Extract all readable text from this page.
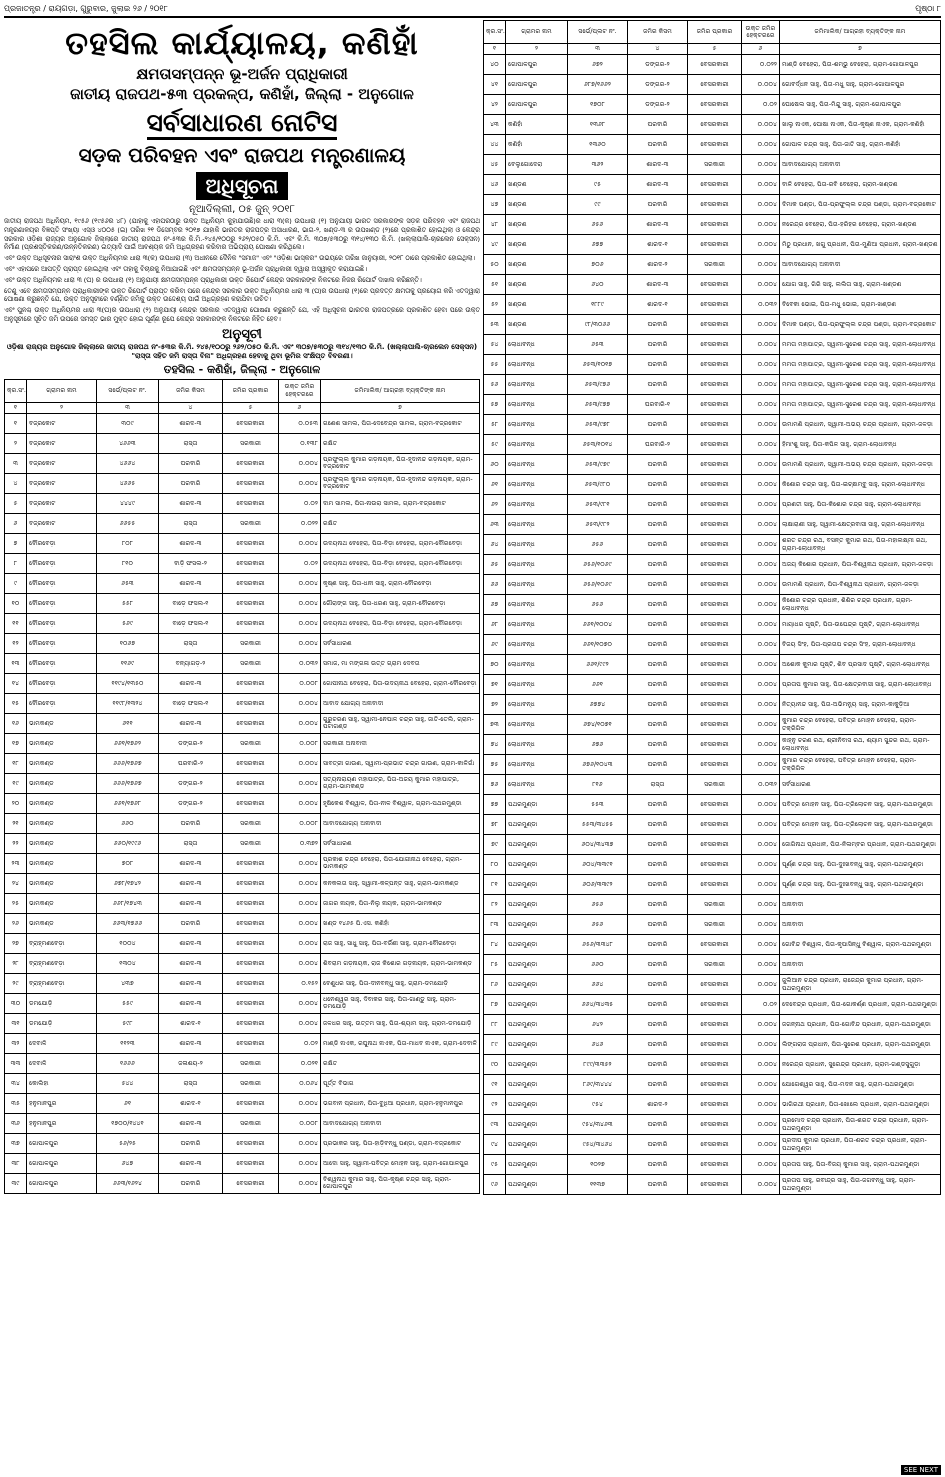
ପ୍ରଜାତନ୍ତ୍ର / ରାୟଗଡ଼ା, ଗୁରୁବାର, ଜୁଲାଇ ୨୬ / ୨୦୧୮	ପୃଷ୍ଠା ୮
ତହସିଲ କାର୍ଯ୍ୟାଳୟ, କଣିହାଁ
କ୍ଷମତାସମ୍ପନ୍ନ ଭୂ-ଅର୍ଜନ ପ୍ରାଧିକାରୀ
ଜାତୀୟ ରାଜପଥ-୫୩ ପ୍ରକଳ୍ପ, କଣିହାଁ, ଜିଲ୍ଲା - ଅନୁଗୋଳ
ସର୍ବସାଧାରଣ ନୋଟିସ
ସଡ଼କ ପରିବହନ ଏବଂ ରାଜପଥ ମନ୍ତ୍ରଣାଳୟ
ଅଧିସୂଚନା
ନୂଆଦିଲ୍ଲୀ, ୦୫ ଜୁନ୍ ୨୦୧୮

ଜାତୀୟ ରାଜପଥ ଅଧିନିୟମ, ୧୯୫୬ (୧୯୫୬ର ୪୮) (ଯାହାକୁ ଏହାପରଠାରୁ ଉକ୍ତ ଅଧିନିୟମ କୁହାଯାଉଛି)ର ଧାରା ୩(କ) ଉପଧାରା (୧) ଅନୁଯାୟୀ ଭାରତ ସରକାରଙ୍କ ସଡ଼କ ପରିବହନ ଏବଂ ରାଜପଥ ମନ୍ତ୍ରଣାଳୟର ବିଜ୍ଞପ୍ତି ସଂଖ୍ୟା ଏସ୍‌ଓ ୪୦୦୫ (ଇ) ତାରିଖ ୨୧ ଡିସେମ୍ବର ୨୦୧୭ ଯାହାକି ଭାରତର ରାଜପତ୍ର ଅସାଧାରଣ, ଭାଗ-୨, ଖଣ୍ଡ-୩ ର ଉପଖଣ୍ଡ (୨)ରେ ପ୍ରକାଶିତ ହୋଇଥିଲା ଓ କେନ୍ଦ୍ର ସରକାର ଓଡ଼ିଶା ରାଜ୍ୟର ଅନୁଗୋଳ ଜିଲ୍ଲାରେ ଜାତୀୟ ରାଜପଥ ନଂ-୫୩ର କି.ମି.-୨୪୫/୧୦୦ରୁ ୨୬୨/୦୫୦ କି.ମି. ଏବଂ କି.ମି. ୩୦୭/୫୩୦ରୁ ୩୧୪/୧୩୦ କି.ମି. (ଖଲ୍ଲାପାଲି-ଚାରଲେନ ସେକ୍ସନ) ନିର୍ମାଣ (ପ୍ରଶସ୍ତିକରଣ/ଉନ୍ନତିକରଣ) ଇତ୍ୟାଦି ପାଇଁ ଆବଶ୍ୟକ ଜମି ଅଧିଗ୍ରହଣ କରିବାର ଅଭିପ୍ରାୟ ଘୋଷଣା କରିଥିଲେ।

ଏବଂ ଉକ୍ତ ଅଧିସୂଚନାର ସାରାଂଶ ଉକ୍ତ ଅଧିନିୟମର ଧାରା ୩(କ) ଉପଧାରା (୩) ଅଧୀନରେ ଦୈନିକ "ସମାଜ" ଏବଂ "ଓଡ଼ିଶା ଭାସ୍କର" ଉଭୟରେ ତାରିଖ ଜାନୁୟାରୀ, ୨୦୧୮ ଠାରେ ପ୍ରକାଶିତ ହୋଇଥିଲା।

ଏବଂ ଏହାପରେ ଆପତ୍ତି ପ୍ରାପ୍ତ ହୋଇଥିଲା ଏବଂ ତାହାକୁ ବିଚାରକୁ ନିଆଯାଇଛି ଏବଂ କ୍ଷମତାସମ୍ପନ୍ନ ଭୂ-ଅର୍ଜନ ପ୍ରାଧିକାରୀ ଦ୍ୱାରା ଅସ୍ୱୀକୃତ କରାଯାଇଛି।

ଏବଂ ଉକ୍ତ ଅଧିନିୟମର ଧାରା ୩ (ଘ) ର ଉପଧାରା (୧) ଅନୁଯାୟୀ କ୍ଷମତାସମ୍ପନ୍ନ ପ୍ରାଧିକାରୀ ଉକ୍ତ ରିପୋର୍ଟ କେନ୍ଦ୍ର ସରକାରଙ୍କ ନିକଟରେ ନିଜର ରିପୋର୍ଟ ଦାଖଲ କରିଛନ୍ତି।

ତେଣୁ ଏବେ କ୍ଷମତାସମ୍ପନ୍ନ ପ୍ରାଧିକାରୀଙ୍କ ଉକ୍ତ ରିପୋର୍ଟ ପ୍ରାପ୍ତ କରିବା ପରେ କେନ୍ଦ୍ର ସରକାର ଉକ୍ତ ଅଧିନିୟମର ଧାରା ୩ (ଘ)ର ଉପଧାରା (୧)ରେ ପ୍ରଦତ୍ତ କ୍ଷମତାକୁ ପ୍ରୟୋଗ କରି ଏତଦ୍ୱାରା ଘୋଷଣା କରୁଛନ୍ତି ଯେ, ଉକ୍ତ ଅନୁସୂଚୀରେ ବର୍ଣ୍ଣିତ ଜମିକୁ ଉକ୍ତ ଉଦ୍ଦେଶ୍ୟ ପାଇଁ ଅଧିଗ୍ରହଣ କରାଯିବା ଉଚିତ।

ଏବଂ ପୁନଶ୍ଚ ଉକ୍ତ ଅଧିନିୟମର ଧାରା ୩(ଘ)ର ଉପଧାରା (୨) ଅନୁଯାୟୀ କେନ୍ଦ୍ର ସରକାର ଏତଦ୍ୱାରା ଘୋଷଣା କରୁଛନ୍ତି ଯେ, ଏହି ଅଧିସୂଚନା ଭାରତର ରାଜପତ୍ରରେ ପ୍ରକାଶିତ ହେବା ପରେ ଉକ୍ତ ଅନୁସୂଚୀରେ ସୂଚିତ ଜମି ଉପରେ ସମସ୍ତ ଭାର ମୁକ୍ତ ହୋଇ ପୂର୍ଣ୍ଣ ରୂପେ କେନ୍ଦ୍ର ସରକାରଙ୍କ ନିକଟରେ ନିହିତ ହେବ।

ଅନୁସୂଚୀ
ଓଡ଼ିଶା ରାଜ୍ୟର ଅନୁଗୋଳ ଜିଲ୍ଲାରେ ଜାତୀୟ ରାଜପଥ ନଂ-୫୩ର କି.ମି. ୨୪୫/୧୦୦ରୁ ୨୬୨/୦୫୦ କି.ମି. ଏବଂ ୩୦୭/୫୩୦ରୁ ୩୧୪/୧୩୦ କି.ମି. (ଖଲ୍ଲାପାଲି-ଚାରଲେନ ସେକ୍ସନ) "ରାସ୍ତା ସହିତ ଜମି ରାସ୍ତା ବିନା" ଅଧିଗ୍ରହଣ ହେବାକୁ ଥିବା ଭୂମିର ସଂକ୍ଷିପ୍ତ ବିବରଣୀ।
ତହସିଲ - କଣିହାଁ, ଜିଲ୍ଲା - ଅନୁଗୋଳ
କ୍ର.ସଂ.	ଗ୍ରାମର ନାମ	ସର୍ଭେ/ପ୍ଲଟ ନଂ.	ଜମିର କିସମ	ଜମିର ପ୍ରକାର	ଉକ୍ତ ଜମିର ହେକ୍ଟରରେ	ଜମିମାଲିକ/ ଆଗ୍ରହୀ ବ୍ୟକ୍ତିଙ୍କ ନାମ
୧	୨	୩	୪	୫	୬	୭
୧	ବଜ୍ରକୋଟ	୩୦୯	ଶାରଦ-୩	ବେସରକାରୀ	୦.୦୫୩	ଗଣେଶ ସାମଲ, ପିତା-ଦେବେନ୍ଦ୍ର ସାମଲ, ଗ୍ରାମ-ବଜ୍ରକୋଟ
୨	ବଜ୍ରକୋଟ	୪୬୬୩	ରାସ୍ତା	ସରକାରୀ	୦.୧୩୮	ରକ୍ଷିତ
୩	ବଜ୍ରକୋଟ	୪୬୬୪	ଘରବାରି	ବେସରକାରୀ	୦.୦୦୪	ପ୍ରଫୁଲ୍ଲ କୁମାର ଗଡ଼ନାୟକ, ପିତା-ହୃଦାନନ୍ଦ ଗଡ଼ନାୟକ, ଗ୍ରାମ-ବଜ୍ରକୋଟ
୪	ବଜ୍ରକୋଟ	୪୬୬୫	ଘରବାରି	ବେସରକାରୀ	୦.୦୦୪	ପ୍ରଫୁଲ୍ଲ କୁମାର ଗଡ଼ନାୟକ, ପିତା-ହୃଦାନନ୍ଦ ଗଡ଼ନାୟକ, ଗ୍ରାମ-ବଜ୍ରକୋଟ
୫	ବଜ୍ରକୋଟ	୪୪୪୯	ଶାରଦ-୩	ବେସରକାରୀ	୦.୦୨	ଦାମ ସାମଲ, ପିତା-ନାଉରା ସାମଲ, ଗ୍ରାମ-ବଜ୍ରକୋଟ
୬	ବଜ୍ରକୋଟ	୬୬୫୫	ରାସ୍ତା	ସରକାରୀ	୦.୦୨୨	ରକ୍ଷିତ
୭	ବୌରବେଡ଼ା	୮୦୮	ଶାରଦ-୩	ବେସରକାରୀ	୦.୦୦୪	ଉଦୟନାଥ ବେହେରା, ପିତା-ବିଡ଼ା ବେହେରା, ଗ୍ରାମ-ବୌରବେଡ଼ା
୮	ବୌରବେଡ଼ା	୮୧୦	ବାଡ଼ି ଫସଲ-୨	ବେସରକାରୀ	୦.୦୨	ଉଦୟନାଥ ବେହେରା, ପିତା-ବିଡ଼ା ବେହେରା, ଗ୍ରାମ-ବୌରବେଡ଼ା
୯	ବୌରବେଡ଼ା	୬୫୩	ଶାରଦ-୩	ବେସରକାରୀ	୦.୦୦୪	କୃଷ୍ଣ ସାହୁ, ପିତା-ଧନୀ ସାହୁ, ଗ୍ରାମ-ବୌରବେଡ଼ା
୧୦	ବୌରବେଡ଼ା	୫୫୮	ବାଡ଼େ ଫସଲ-୧	ବେସରକାରୀ	୦.୦୦୪	ଗୌରାଙ୍ଗ ସାହୁ, ପିତା-ଧରଣ ସାହୁ, ଗ୍ରାମ-ବୌରବେଡ଼ା
୧୧	ବୌରବେଡ଼ା	୫୬୯	ବାଡ଼େ ଫସଲ-୧	ବେସରକାରୀ	୦.୦୦୪	ଉଦୟନାଥ ବେହେରା, ପିତା-ବିଡ଼ା ବେହେରା, ଗ୍ରାମ-ବୌରବେଡ଼ା
୧୨	ବୌରବେଡ଼ା	୧୦୬୭	ରାସ୍ତା	ସରକାରୀ	୦.୦୦୪	ସର୍ବସାଧାରଣ
୧୩	ବୌରବେଡ଼ା	୧୧୬୯	ବନ୍ୟାଗଡ଼-୨	ସରକାରୀ	୦.୦୩୨	ସମାଜ, ମା ମଙ୍ଗଳା ଉତ୍ତ ଗ୍ରାମ ଦେବତା
୧୪	ବୌରବେଡ଼ା	୧୧୯୪/୧୩୫୦	ଶାରଦ-୩	ବେସରକାରୀ	୦.୦୦୮	ଗୋପୀନାଥ ବେହେରା, ପିତା-ଉଦୟନାଥ ବେହେରା, ଗ୍ରାମ-ବୌରବେଡ଼ା
୧୫	ବୌରବେଡ଼ା	୧୧୯୮/୧୩୨୪	ବାଡ଼େ ଫସଲ-୧	ବେସରକାରୀ	୦.୦୦୪	ଆବାଦ ଯୋଗ୍ୟ ଅନାବାଦୀ
୧୬	ଭାମକଣ୍ଡ	୬୧୧	ଶାରଦ-୩	ବେସରକାରୀ	୦.୦୦୪	ଗୁରୁଚରଣ ସାହୁ, ସ୍ୱାମୀ-ନେପାଳ ଚନ୍ଦ୍ର ସାହୁ, ଜାତି-ତେଲି, ଗ୍ରାମ-ପଟାଗଣ୍ଡ
୧୭	ଭାମକଣ୍ଡ	୬୬୧/୧୭୬୨	ଡଙ୍ଗର-୨	ସରକାରୀ	୦.୦୦୮	ସରକାରୀ ଅନାବାଦୀ
୧୮	ଭାମକଣ୍ଡ	୬୬୬/୧୭୬୭	ଘରବାରି-୨	ବେସରକାରୀ	୦.୦୦୪	ସାବତ୍ରୀ ଗାଉଣ, ସ୍ୱାମୀ-ପ୍ରଭାତ ଚନ୍ଦ୍ର ଗାଉଣ, ଗ୍ରାମ-କାଳିଗାଁ
୧୯	ଭାମକଣ୍ଡ	୬୬୬/୧୭୬୭	ଡଙ୍ଗର-୨	ବେସରକାରୀ	୦.୦୦୪	ସତ୍ୟନାରାୟଣ ମହାପାତ୍ର, ପିତା-ଅଜୟ କୁମାର ମହାପାତ୍ର, ଗ୍ରାମ-ଭାମକଣ୍ଡ
୨୦	ଭାମକଣ୍ଡ	୬୬୧/୧୭୬୮	ଡଙ୍ଗର-୨	ବେସରକାରୀ	୦.୦୦୪	ହୃଷିକେଶ ବିଶ୍ୱାଳ, ପିତା-ନୀଳ ବିଶ୍ୱାଳ, ଗ୍ରାମ-ପଥରମୁଣ୍ଡା
୨୧	ଭାମକଣ୍ଡ	୬୬୦	ଘରବାରି	ସରକାରୀ	୦.୦୦୮	ଆବାଦଯୋଗ୍ୟ ଅନାବାଦୀ
୨୨	ଭାମକଣ୍ଡ	୬୬୦/୧୯୯୬	ରାସ୍ତା	ସରକାରୀ	୦.୩୭୨	ସର୍ବସାଧାରଣ
୨୩	ଭାମକଣ୍ଡ	୭୦୮	ଶାରଦ-୩	ବେସରକାରୀ	୦.୦୦୪	ପ୍ରକାଶ ଚନ୍ଦ୍ର ବେହେରା, ପିତା-ଯୋଗୀନାଥ ବେହେରା, ଗ୍ରାମ-ଭାମକଣ୍ଡ
୨୪	ଭାମକଣ୍ଡ	୬୭୮/୧୭୪୨	ଶାରଦ-୩	ବେସରକାରୀ	୦.୦୦୪	କନକଲତା ସାହୁ, ସ୍ୱାମୀ-କଳ୍ପନ୍ତ ସାହୁ, ଗ୍ରାମ-ଭାମକଣ୍ଡ
୨୫	ଭାମକଣ୍ଡ	୬୬୮/୧୭୪୩	ଶାରଦ-୩	ବେସରକାରୀ	୦.୦୦୪	ଜାଗର ନାୟକ, ପିତା-ନିଲୁ ନାୟକ, ଗ୍ରାମ-ଭାମକଣ୍ଡ
୨୬	ଭାମକଣ୍ଡ	୬୬୩/୧୭୬୬	ଘରବାରି	ବେସରକାରୀ	୦.୦୦୪	ଖଣ୍ଡ ୧୪୬୫ ପି.ଏସ. କଣିହାଁ
୨୭	ବ୍ରାହ୍ମଣବେଡ଼ା	୧୦୦୪	ଶାରଦ-୩	ବେସରକାରୀ	୦.୦୦୪	ରାଜ ସାହୁ, ସାଧୁ ସାହୁ, ପିତା-ବର୍ଜିଣୀ ସାହୁ, ଗ୍ରାମ-ବୌରବେଡ଼ା
୨୮	ବ୍ରାହ୍ମଣବେଡ଼ା	୧୩୦୪	ଶାରଦ-୩	ବେସରକାରୀ	୦.୦୦୪	ଶିବରାମ ଗଡ଼ନାୟକ, ରାଜ କିଶୋର ଗଡ଼ନାୟକ, ଗ୍ରାମ-ଭାମକଣ୍ଡ
୨୯	ବ୍ରାହ୍ମଣବେଡ଼ା	୪୩୭	ଶାରଦ-୩	ବେସରକାରୀ	୦.୧୫୨	ବେଣୁଧର ସାହୁ, ପିତା-ଦୀନବନ୍ଧୁ ସାହୁ, ଗ୍ରାମ-ଡମଯୋଡ଼ି
୩୦	ଡମଯୋଡ଼ି	୫୫୯	ଶାରଦ-୩	ବେସରକାରୀ	୦.୦୦୪	ଧନେଶ୍ୱର ସାହୁ, ଦିବାକର ସାହୁ, ପିତା-ଗାଣ୍ଡୁ ସାହୁ, ଗ୍ରାମ-ଡମଯୋଡ଼ି
୩୧	ଡମଯୋଡ଼ି	୫୯୮	ଶାରଦ-୧	ବେସରକାରୀ	୦.୦୦୪	ଜଳଧର ସାହୁ, ଉତ୍ତମ ସାହୁ, ପିତା-ଶ୍ୟାମ ସାହୁ, ଗ୍ରାମ-ଡମଯୋଡ଼ି
୩୨	ଦେବାଳି	୧୧୨୩	ଶାରଦ-୩	ବେସରକାରୀ	୦.୦୨	ମାଣ୍ଡି ନାଏକ, ରଘୁନାଥ ନାଏକ, ପିତା-ମାଧବ ନାଏକ, ଗ୍ରାମ-ଦେବାଳି
୩୩	ଦେବାଳି	୧୬୬୬	ଜଳାଶୟ-୨	ସରକାରୀ	୦.୦୨୧	ରକ୍ଷିତ
୩୪	କୋଲିହା	୫୪୪	ରାସ୍ତା	ସରକାରୀ	୦.୦୬୪	ପୂର୍ତ୍ତ ବିଭାଗ
୩୫	ହନୁମାନପୁର	୬୧	ଶାରଦ-୧	ବେସରକାରୀ	୦.୦୦୪	ଭଗବାନ ପ୍ରଧାନ, ପିତା-ବୁଧିଆ ପ୍ରଧାନ, ଗ୍ରାମ-ହନୁମାନପୁର
୩୬	ହନୁମାନପୁର	୧୭୦୦/୧୪୪୧	ଶାରଦ-୩	ସରକାରୀ	୦.୦୦୮	ଆବାଦଯୋଗ୍ୟ ଅନାବାଦୀ
୩୭	ଗୋପାଳପୁର	୫୬/୨୫	ଘରବାରି	ବେସରକାରୀ	୦.୦୦୪	ପ୍ରଭାକର ସାହୁ, ପିତା-ହାଡ଼ିବନ୍ଧୁ ପଣ୍ଡା, ଗ୍ରାମ-ବଜ୍ରକୋଟ
୩୮	ଗୋପାଳପୁର	୬୪୭	ଶାରଦ-୩	ବେସରକାରୀ	୦.୦୦୪	ଆଦୋ ସାହୁ, ସ୍ୱାମୀ-ପବିତ୍ର ମୋହନ ସାହୁ, ଗ୍ରାମ-ଗୋପାଳପୁର
୩୯	ଗୋପାଳପୁର	୬୬୩/୧୬୨୪	ଘରବାରି	ବେସରକାରୀ	୦.୦୦୪	ବିଶ୍ୱନାଥ କୁମାର ସାହୁ, ପିତା-କୃଷ୍ଣ ଚନ୍ଦ୍ର ସାହୁ, ଗ୍ରାମ-ଗୋପାଳପୁର
କ୍ର.ସଂ.	ଗ୍ରାମର ନାମ	ସର୍ଭେ/ପ୍ଲଟ ନଂ.	ଜମିର କିସମ	ଜମିର ପ୍ରକାର	ଉକ୍ତ ଜମିର ହେକ୍ଟରରେ	ଜମିମାଲିକ/ ଆଗ୍ରହୀ ବ୍ୟକ୍ତିଙ୍କ ନାମ
୧	୨	୩	୪	୫	୬	୭
୪୦	ଗୋପାଳପୁର	୬୭୨	ଡଙ୍ଗର-୨	ବେସରକାରୀ	୦.୦୨୨	ମାଣ୍ଡି ବେହେରା, ପିତା-ଶମ୍ଭୁ ବେହେରା, ଗ୍ରାମ-ଗୋପାଳପୁର
୪୧	ଗୋପାଳପୁର	୬୮୭/୧୬୬୨	ଡଙ୍ଗର-୨	ବେସରକାରୀ	୦.୦୦୪	ଗୋବର୍ଦ୍ଧନ ସାହୁ, ପିତା-ମଧୁ ସାହୁ, ଗ୍ରାମ-ଗୋପାଳପୁର
୪୨	ଗୋପାଳପୁର	୧୭୦୮	ଡଙ୍ଗର-୨	ବେସରକାରୀ	୦.୦୨	ଘୋଷେଲ ସାହୁ, ପିତା-ମିନ୍ଦୁ ସାହୁ, ଗ୍ରାମ-ଗୋପାଳପୁର
୪୩	କଣିହାଁ	୧୩୬୮	ଘରବାରି	ବେସରକାରୀ	୦.୦୦୪	ଖାଲୁ ନାଏକ, ଘୋଷା ନାଏକ, ପିତା-କୃଷ୍ଣ ନାଏକ, ଗ୍ରାମ-କଣିହାଁ
୪୪	କଣିହାଁ	୧୩୬୦	ଘରବାରି	ବେସରକାରୀ	୦.୦୦୪	ଗୋପାଳ ଚନ୍ଦ୍ର ସାହୁ, ପିତା-ଜାତି ସାହୁ, ଗ୍ରାମ-କଣିହାଁ
୪୫	ବେଲୁଗୋଦେରା	୩୬୨	ଶାରଦ-୩	ସରକାରୀ	୦.୦୦୪	ଆବାଦଯୋଗ୍ୟ ଅନାବାଦୀ
୪୬	ଖଣ୍ଡଣ	୯୫	ଶାରଦ-୩	ବେସରକାରୀ	୦.୦୦୪	ବାଳି ବେହେରା, ପିତା-ରବି ବେହେରା, ଗ୍ରାମ-ଖଣ୍ଡଣ
୪୭	ଖଣ୍ଡଣ	୯୯	ଘରବାରି	ବେସରକାରୀ	୦.୦୦୪	ଦିମାକ ପଣ୍ଡା, ପିତା-ପ୍ରଫୁଲ୍ଲ ଚନ୍ଦ୍ର ପଣ୍ଡା, ଗ୍ରାମ-ବଜ୍ରକୋଟ
୪୮	ଖଣ୍ଡଣ	୬୫୬	ଶାରଦ-୩	ବେସରକାରୀ	୦.୦୦୪	ନରେନ୍ଦ୍ର ବେହେରା, ପିତା-ହରିହର ବେହେରା, ଗ୍ରାମ-ଖଣ୍ଡଣ
୪୯	ଖଣ୍ଡଣ	୬୭୭	ଶାରଦ-୧	ବେସରକାରୀ	୦.୦୦୪	ମିଠୁ ପ୍ରଧାନ, ଖଗୁ ପ୍ରଧାନ, ପିତା-ମୁଣିଆ ପ୍ରଧାନ, ଗ୍ରାମ-ଖଣ୍ଡଣ
୫୦	ଖଣ୍ଡଣ	୭୦୬	ଶାରଦ-୨	ସରକାରୀ	୦.୦୦୪	ଆବାଦଯୋଗ୍ୟ ଅନାବାଦୀ
୫୧	ଖଣ୍ଡଣ	୬୪୦	ଶାରଦ-୩	ବେସରକାରୀ	୦.୦୦୪	ଯୋଗ ସାହୁ, ଗିରି ସାହୁ, ଲଲିତା ସାହୁ, ଗ୍ରାମ-ଖଣ୍ଡଣ
୫୨	ଖଣ୍ଡଣ	୧୮୮୯	ଶାରଦ-୧	ବେସରକାରୀ	୦.୦୩୨	ବିବେକା ଭୋଇ, ପିତା-ମଧୁ ଭୋଇ, ଗ୍ରାମ-ଖଣ୍ଡଣ
୫୩	ଖଣ୍ଡଣ	୯୮/୩୦୬୬	ଘରବାରି	ବେସରକାରୀ	୦.୦୦୪	ଦିମାକ ପଣ୍ଡା, ପିତା-ପ୍ରଫୁଲ୍ଲ ଚନ୍ଦ୍ର ପଣ୍ଡା, ଗ୍ରାମ-ବଜ୍ରକୋଟ
୫୪	ଲୋଧାବନ୍ଧ	୬୫୩	ଘରବାରି	ବେସରକାରୀ	୦.୦୦୪	ମମତା ମହାପାତ୍ର, ସ୍ୱାମୀ-ସୁରେଶ ଚନ୍ଦ୍ର ସାହୁ, ଗ୍ରାମ-ଲୋଧାବନ୍ଧ
୫୫	ଲୋଧାବନ୍ଧ	୬୫୩/୧୦୧୭	ଘରବାରି	ବେସରକାରୀ	୦.୦୦୪	ମମତା ମହାପାତ୍ର, ସ୍ୱାମୀ-ସୁରେଶ ଚନ୍ଦ୍ର ସାହୁ, ଗ୍ରାମ-ଲୋଧାବନ୍ଧ
୫୬	ଲୋଧାବନ୍ଧ	୬୫୩/୯୭୬	ଘରବାରି	ବେସରକାରୀ	୦.୦୦୪	ମମତା ମହାପାତ୍ର, ସ୍ୱାମୀ-ସୁରେଶ ଚନ୍ଦ୍ର ସାହୁ, ଗ୍ରାମ-ଲୋଧାବନ୍ଧ
୫୭	ଲୋଧାବନ୍ଧ	୬୫୩/୯୭୭	ଘରବାରି-୧	ବେସରକାରୀ	୦.୦୦୪	ମମତା ମହାପାତ୍ର, ସ୍ୱାମୀ-ସୁରେଶ ଚନ୍ଦ୍ର ସାହୁ, ଗ୍ରାମ-ଲୋଧାବନ୍ଧ
୫୮	ଲୋଧାବନ୍ଧ	୬୫୩/୯୭୮	ଘରବାରି	ବେସରକାରୀ	୦.୦୦୪	ଉମାମଣି ପ୍ରଧାନ, ସ୍ୱାମୀ-ଅଭୟ ଚନ୍ଦ୍ର ପ୍ରଧାନ, ଗ୍ରାମ-ଜଳଡ଼ା
୫୯	ଲୋଧାବନ୍ଧ	୬୫୩/୧୦୧୪	ଘରବାରି-୨	ବେସରକାରୀ	୦.୦୦୪	ହିମାଂଶୁ ସାହୁ, ପିତା-କପିଳ ସାହୁ, ଗ୍ରାମ-ଲୋଧାବନ୍ଧ
୬୦	ଲୋଧାବନ୍ଧ	୬୫୩/୯୭୯	ଘରବାରି	ବେସରକାରୀ	୦.୦୦୪	ଉମାମଣି ପ୍ରଧାନ, ସ୍ୱାମୀ-ଅଭୟ ଚନ୍ଦ୍ର ପ୍ରଧାନ, ଗ୍ରାମ-ଜଳଡ଼ା
୬୧	ଲୋଧାବନ୍ଧ	୬୫୩/୯୮୦	ଘରବାରି	ବେସରକାରୀ	୦.୦୦୪	କିଶୋର ଚନ୍ଦ୍ର ସାହୁ, ପିତା-ଇଚ୍ଛାମ୍ବୁ ସାହୁ, ଗ୍ରାମ-ଲୋଧାବନ୍ଧ
୬୨	ଲୋଧାବନ୍ଧ	୬୫୩/୯୮୧	ଘରବାରି	ବେସରକାରୀ	୦.୦୦୪	ପ୍ରଣତୀ ସାହୁ, ପିତା-କିଶୋର ଚନ୍ଦ୍ର ସାହୁ, ଗ୍ରାମ-ଲୋଧାବନ୍ଧ
୬୩	ଲୋଧାବନ୍ଧ	୬୫୩/୯୮୨	ଘରବାରି	ବେସରକାରୀ	୦.୦୦୪	ଲାକ୍ଷାରାଣୀ ସାହୁ, ସ୍ୱାମୀ-କ୍ଷେତ୍ରବାସୀ ସାହୁ, ଗ୍ରାମ-ଲୋଧାବନ୍ଧ
୬୪	ଲୋଧାବନ୍ଧ	୬୫୬	ଘରବାରି	ବେସରକାରୀ	୦.୦୦୪	ଶରତ ଚନ୍ଦ୍ର ରଥ, ବସନ୍ତ କୁମାର ରଥ, ପିତା-ମହାଲକ୍ଷ୍ମୀ ରଥ, ଗ୍ରାମ-ଲୋଧାବନ୍ଧ
୬୫	ଲୋଧାବନ୍ଧ	୬୫୬/୧୦୬୯	ଘରବାରି	ବେସରକାରୀ	୦.୦୦୪	ଅଜୟ କିଶୋର ପ୍ରଧାନ, ପିତା-ବିଶ୍ୱନାଥ ପ୍ରଧାନ, ଗ୍ରାମ-ଜଳଡ଼ା
୬୬	ଲୋଧାବନ୍ଧ	୬୫୬/୧୦୬୯	ଘରବାରି	ବେସରକାରୀ	୦.୦୦୪	ଉମାମଣି ପ୍ରଧାନ, ପିତା-ବିଶ୍ୱନାଥ ପ୍ରଧାନ, ଗ୍ରାମ-ଜଳଡ଼ା
୬୭	ଲୋଧାବନ୍ଧ	୬୫୬	ଘରବାରି	ବେସରକାରୀ	୦.୦୦୪	କିଶୋର ଚନ୍ଦ୍ର ପ୍ରଧାନ, ଶିଶିର ଚନ୍ଦ୍ର ପ୍ରଧାନ, ଗ୍ରାମ-ଲୋଧାବନ୍ଧ
୬୮	ଲୋଧାବନ୍ଧ	୬୬୧/୧୦୦୪	ଘରବାରି	ବେସରକାରୀ	୦.୦୦୪	ମାୟାଧର ପୃଷ୍ଟି, ପିତା-ଉପେନ୍ଦ୍ର ପୃଷ୍ଟି, ଗ୍ରାମ-ଲୋଧାବନ୍ଧ
୬୯	ଲୋଧାବନ୍ଧ	୬୬୧/୧୦୭୦	ଘରବାରି	ବେସରକାରୀ	୦.୦୦୪	ବିଜୟ ସିଂହ, ପିତା-ପ୍ରତାପ ଚନ୍ଦ୍ର ସିଂହ, ଗ୍ରାମ-ଲୋଧାବନ୍ଧ
୭୦	ଲୋଧାବନ୍ଧ	୬୬୧/୯୯୨	ଘରବାରି	ବେସରକାରୀ	୦.୦୦୪	ଅଶୋକ କୁମାର ପୃଷ୍ଟି, ଶିବ ପ୍ରସାଦ ପୃଷ୍ଟି, ଗ୍ରାମ-ଲୋଧାବନ୍ଧ
୭୧	ଲୋଧାବନ୍ଧ	୬୬୧	ଘରବାରି	ବେସରକାରୀ	୦.୦୦୪	ପ୍ରତାପ କୁମାର ସାହୁ, ପିତା-କ୍ଷେତ୍ରବାସୀ ସାହୁ, ଗ୍ରାମ-ଲୋଧାବନ୍ଧ
୭୨	ଲୋଧାବନ୍ଧ	୬୭୭୪	ଘରବାରି	ବେସରକାରୀ	୦.୦୦୪	ନିତ୍ୟାନନ୍ଦ ସାହୁ, ପିତା-ଅଭିମନ୍ୟୁ ସାହୁ, ଗ୍ରାମ-କାକୁଡ଼ିଆ
୭୩	ଲୋଧାବନ୍ଧ	୬୭୪/୧୦୭୧	ଘରବାରି	ବେସରକାରୀ	୦.୦୦୪	କୁମାର ଚନ୍ଦ୍ର ବେହେରା, ପବିତ୍ର ମୋହନ ବେହେରା, ଗ୍ରାମ-ତକ୍ରିଗିଳ
୭୪	ଲୋଧାବନ୍ଧ	୬୭୬	ଘରବାରି	ବେସରକାରୀ	୦.୦୦୪	କାହ୍ନୁ ଚରଣ ରଥ, ଶ୍ରୀନିବାସ ରଥ, ଶ୍ୟାମ ସୁନ୍ଦର ରଥ, ଗ୍ରାମ-ଲୋଧାବନ୍ଧ
୭୫	ଲୋଧାବନ୍ଧ	୬୭୬/୧୦୪୩	ଘରବାରି	ବେସରକାରୀ	୦.୦୦୪	କୁମାର ଚନ୍ଦ୍ର ବେହେରା, ପବିତ୍ର ମୋହନ ବେହେରା, ଗ୍ରାମ-ତକ୍ରିଗିଳ
୭୬	ଲୋଧାବନ୍ଧ	୮୧୬	ରାସ୍ତା	ସରକାରୀ	୦.୦୩୨	ସର୍ବସାଧାରଣ
୭୭	ପଥରମୁଣ୍ଡା	୫୫୩	ଘରବାରି	ବେସରକାରୀ	୦.୦୦୪	ପବିତ୍ର ମୋହନ ସାହୁ, ପିତା-ତ୍ରିଲୋଚନ ସାହୁ, ଗ୍ରାମ-ପଥରମୁଣ୍ଡା
୭୮	ପଥରମୁଣ୍ଡା	୫୫୩/୩୪୫୫	ଘରବାରି	ବେସରକାରୀ	୦.୦୦୪	ପବିତ୍ର ମୋହନ ସାହୁ, ପିତା-ତ୍ରିଲୋଚନ ସାହୁ, ଗ୍ରାମ-ପଥରମୁଣ୍ଡା
୭୯	ପଥରମୁଣ୍ଡା	୬୦୪/୩୪୩୭	ଘରବାରି	ବେସରକାରୀ	୦.୦୦୪	ଜୋଗିନାଥ ପ୍ରଧାନ, ପିତା-ନିଳାମ୍ବର ପ୍ରଧାନ, ଗ୍ରାମ-ପଥରମୁଣ୍ଡା
୮୦	ପଥରମୁଣ୍ଡା	୬୦୪/୩୩୯୧	ଘରବାରି	ବେସରକାରୀ	୦.୦୦୪	ପୂର୍ଣ୍ଣ ଚନ୍ଦ୍ର ସାହୁ, ପିତା-ଦୁଃଖବନ୍ଧୁ ସାହୁ, ଗ୍ରାମ-ପଥରମୁଣ୍ଡା
୮୧	ପଥରମୁଣ୍ଡା	୬୦୬/୩୩୯୨	ଘରବାରି	ବେସରକାରୀ	୦.୦୦୪	ପୂର୍ଣ୍ଣ ଚନ୍ଦ୍ର ସାହୁ, ପିତା-ଦୁଃଖବନ୍ଧୁ ସାହୁ, ଗ୍ରାମ-ପଥରମୁଣ୍ଡା
୮୨	ପଥରମୁଣ୍ଡା	୬୫୬	ଘରବାରି	ସରକାରୀ	୦.୦୦୪	ଅନାବାଦୀ
୮୩	ପଥରମୁଣ୍ଡା	୬୫୬	ଘରବାରି	ସରକାରୀ	୦.୦୦୪	ଅନାବାଦୀ
୮୪	ପଥରମୁଣ୍ଡା	୬୫୬/୩୩୪୮	ଘରବାରି	ବେସରକାରୀ	୦.୦୦୪	ଗୋବିନ୍ଦ ବିଶ୍ୱାଳ, ପିତା-କୃପାସିନ୍ଧୁ ବିଶ୍ୱାଳ, ଗ୍ରାମ-ପଥରମୁଣ୍ଡା
୮୫	ପଥରମୁଣ୍ଡା	୬୬୦	ଘରବାରି	ସରକାରୀ	୦.୦୦୪	ଅନାବାଦୀ
୮୬	ପଥରମୁଣ୍ଡା	୬୬୪	ଘରବାରି	ବେସରକାରୀ	୦.୦୦୪	ଜୁଲିଆନ ଚନ୍ଦ୍ର ପ୍ରଧାନ, ରାଜେନ୍ଦ୍ର କୁମାର ପ୍ରଧାନ, ଗ୍ରାମ-ପଥରମୁଣ୍ଡା
୮୭	ପଥରମୁଣ୍ଡା	୬୬୪/୩୪୩୫	ଘରବାରି	ବେସରକାରୀ	୦.୦୨	ଦେବେନ୍ଦ୍ର ପ୍ରଧାନ, ପିତା-ଗୋକର୍ଣ୍ଣ ପ୍ରଧାନ, ଗ୍ରାମ-ପଥରମୁଣ୍ଡା
୮୮	ପଥରମୁଣ୍ଡା	୬୪୨	ଘରବାରି	ବେସରକାରୀ	୦.୦୦୪	ଜଗନ୍ନାଥ ପ୍ରଧାନ, ପିତା-ଗୋବିନ୍ଦ ପ୍ରଧାନ, ଗ୍ରାମ-ପଥରମୁଣ୍ଡା
୮୯	ପଥରମୁଣ୍ଡା	୬୪୬	ଘରବାରି	ବେସରକାରୀ	୦.୦୦୪	ଲିଙ୍ଗରାଜ ପ୍ରଧାନ, ପିତା-ସୁରେଶ ପ୍ରଧାନ, ଗ୍ରାମ-ପଥରମୁଣ୍ଡା
୯୦	ପଥରମୁଣ୍ଡା	୮୯୯/୩୩୫୨	ଘରବାରି	ବେସରକାରୀ	୦.୦୦୪	ନରେନ୍ଦ୍ର ପ୍ରଧାନ, ସୁରେନ୍ଦ୍ର ପ୍ରଧାନ, ଗ୍ରାମ-ଗଣ୍ଡସୁଗୁଡ଼ା
୯୧	ପଥରମୁଣ୍ଡା	୮୬୯/୩୪୪୪	ଘରବାରି	ବେସରକାରୀ	୦.୦୦୪	ଯୋଗେଶ୍ୱର ସାହୁ, ପିତା-ମଦନ ସାହୁ, ଗ୍ରାମ-ପଥରମୁଣ୍ଡା
୯୨	ପଥରମୁଣ୍ଡା	୯୫୪	ଶାରଦ-୨	ବେସରକାରୀ	୦.୦୦୪	ଭାଗିରଥୀ ପ୍ରଧାନ, ପିତା-ଖୋଲେ ପ୍ରଧାନ, ଗ୍ରାମ-ପଥରମୁଣ୍ଡା
୯୩	ପଥରମୁଣ୍ଡା	୯୫୪/୩୪୬୩	ଘରବାରି	ବେସରକାରୀ	୦.୦୦୪	ପ୍ରମୋଦ ଚନ୍ଦ୍ର ପ୍ରଧାନ, ପିତା-ଶରତ ଚନ୍ଦ୍ର ପ୍ରଧାନ, ଗ୍ରାମ-ପଥରମୁଣ୍ଡା
୯୪	ପଥରମୁଣ୍ଡା	୯୫୪/୩୪୬୪	ଘରବାରି	ବେସରକାରୀ	୦.୦୦୪	ପ୍ରଦୀପ କୁମାର ପ୍ରଧାନ, ପିତା-ଶରତ ଚନ୍ଦ୍ର ପ୍ରଧାନ, ଗ୍ରାମ-ପଥରମୁଣ୍ଡା
୯୫	ପଥରମୁଣ୍ଡା	୧୦୨୭	ଘରବାରି	ବେସରକାରୀ	୦.୦୦୪	ପ୍ରତାପ ସାହୁ, ପିତା-ବିଜୟ କୁମାର ସାହୁ, ଗ୍ରାମ-ପଥରମୁଣ୍ଡା
୯୬	ପଥରମୁଣ୍ଡା	୧୧୩୭	ଘରବାରି	ବେସରକାରୀ	୦.୦୦୪	ପ୍ରତାପ ସାହୁ, ରବୀନ୍ଦ୍ର ସାହୁ, ପିତା-ଜଗବନ୍ଧୁ ସାହୁ, ଗ୍ରାମ-ପଥରମୁଣ୍ଡା
SEE NEXT
